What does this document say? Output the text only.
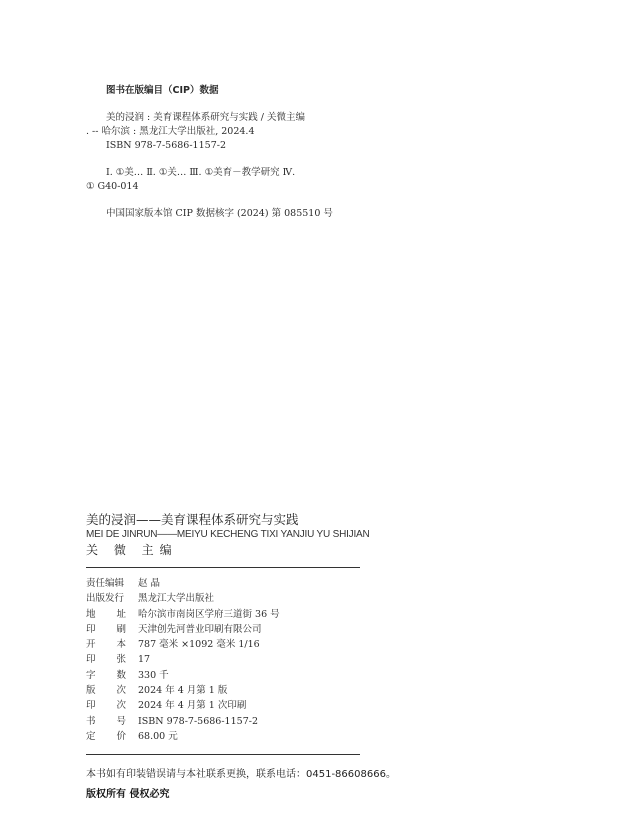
图书在版编目（CIP）数据
美的浸润 : 美育课程体系研究与实践 / 关微主编
. -- 哈尔滨 : 黑龙江大学出版社, 2024.4
ISBN 978-7-5686-1157-2
Ⅰ. ①美… Ⅱ. ①关… Ⅲ. ①美育－教学研究 Ⅳ.
① G40-014
中国国家版本馆 CIP 数据核字 (2024) 第 085510 号
美的浸润——美育课程体系研究与实践
MEI DE JINRUN——MEIYU KECHENG TIXI YANJIU YU SHIJIAN
关 微 主编
责任编辑	赵 晶
出版发行	黑龙江大学出版社
地址 哈尔滨市南岗区学府三道街 36 号
印刷 天津创先河普业印刷有限公司
开本 787 毫米 ×1092 毫米 1/16
印张 17
字数 330 千
版次 2024 年 4 月第 1 版
印次 2024 年 4 月第 1 次印刷
书号 ISBN 978-7-5686-1157-2
定价 68.00 元
本书如有印装错误请与本社联系更换，联系电话：0451-86608666。
版权所有 侵权必究
